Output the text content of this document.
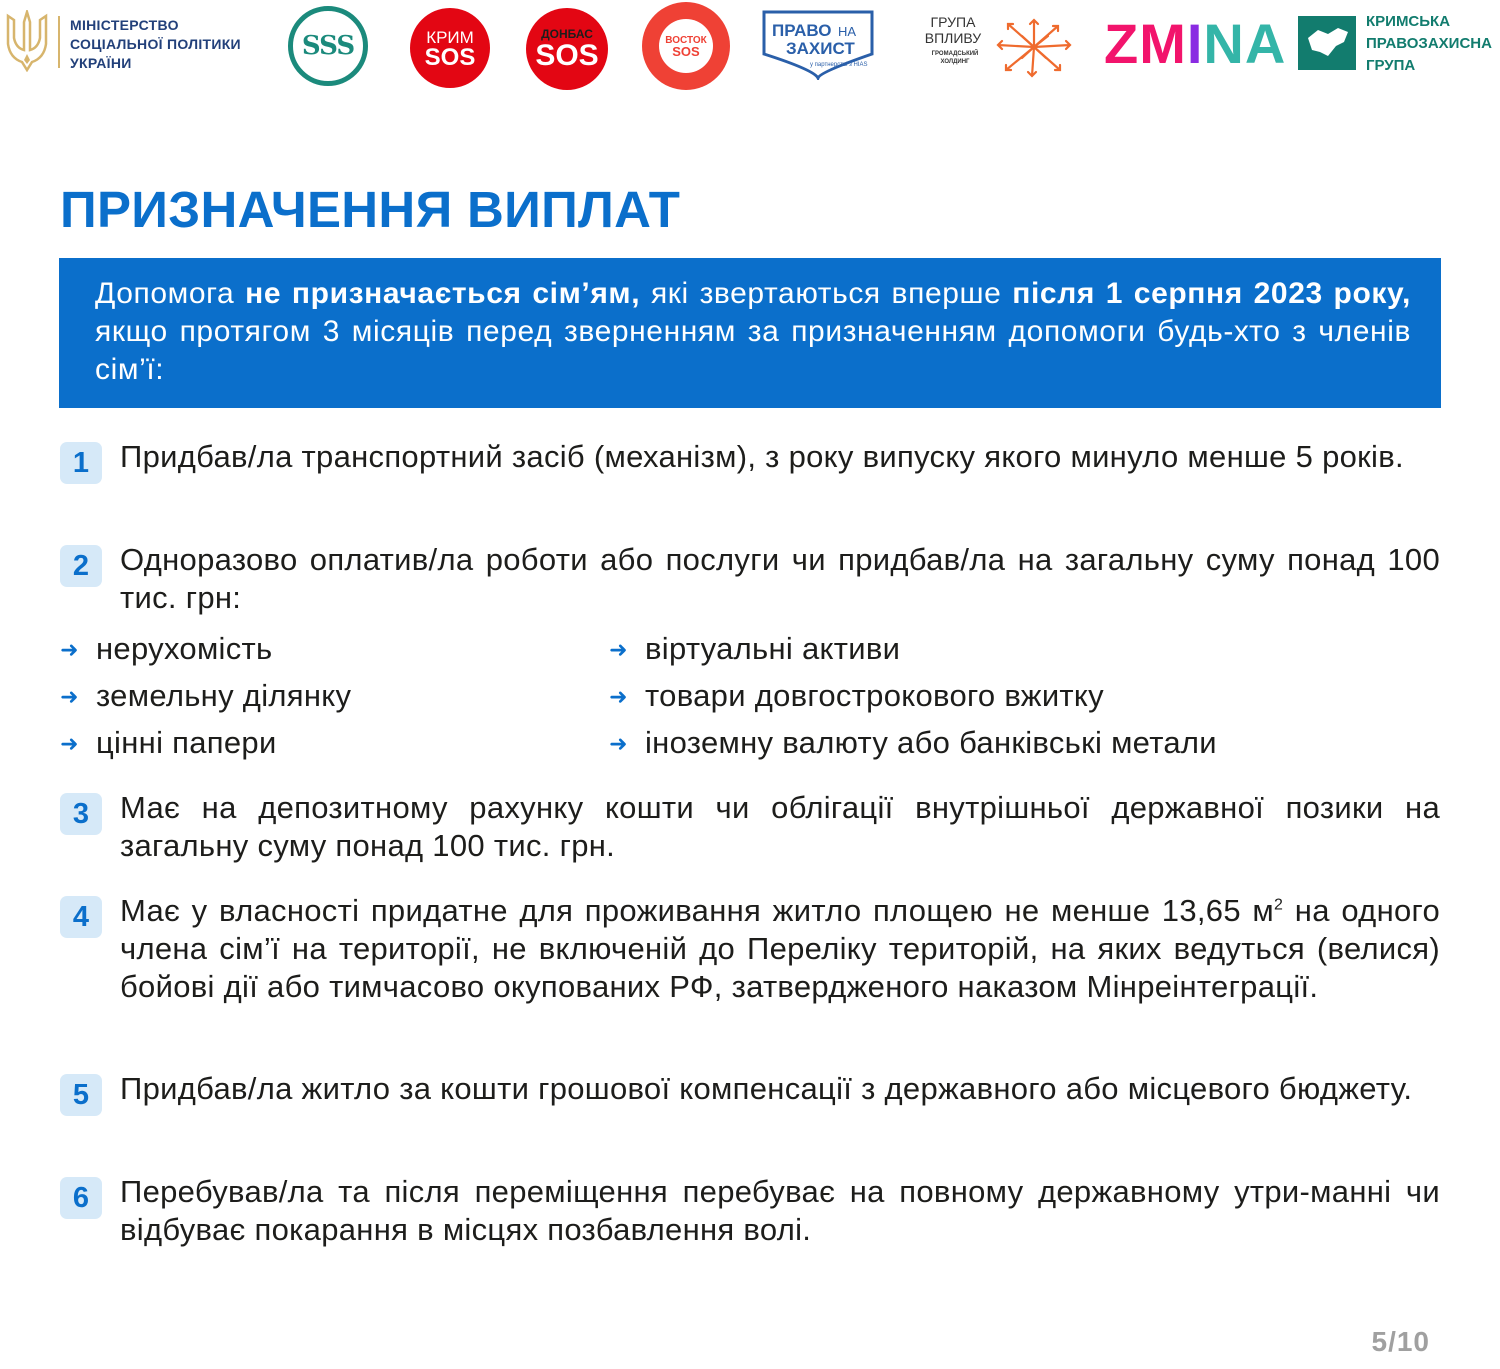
МІНІСТЕРСТВО
СОЦІАЛЬНОЇ ПОЛІТИКИ
УКРАЇНИ
SSS	КРИМ
SOS
ДОНБАС
SOS	ВОСТОК
SOS
ПРАВО НА
ЗАХИСТ
у партнерстві з HIAS
ГРУПА
ВПЛИВУ
ГРОМАДСЬКИЙ ХОЛДИНГ ZMINA	КРИМСЬКА
ПРАВОЗАХИСНА
ГРУПА
ПРИЗНАЧЕННЯ ВИПЛАТ

Допомога не призначається сім’ям, які звертаються вперше після 1 серпня 2023 року, якщо протягом 3 місяців перед зверненням за призначенням допомоги будь-хто з членів сім’ї:

1 Придбав/ла транспортний засіб (механізм), з року випуску якого минуло менше 5 років.

2 Одноразово оплатив/ла роботи або послуги чи придбав/ла на загальну суму понад 100 тис. грн:

➜ нерухомість
➜ земельну ділянку
➜ цінні папери
➜ віртуальні активи
➜ товари довгострокового вжитку
➜ іноземну валюту або банківські метали
3 Має на депозитному рахунку кошти чи облігації внутрішньої державної позики на загальну суму понад 100 тис. грн.

4 Має у власності придатне для проживання житло площею не менше 13,65 $м^2$ на одного члена сім’ї на території, не включеній до Переліку територій, на яких ведуться (велися) бойові дії або тимчасово окупованих РФ, затвердженого наказом Мінреінтеграції.

5 Придбав/ла житло за кошти грошової компенсації з державного або місцевого бюджету.

6 Перебував/ла та після переміщення перебуває на повному державному утри-манні чи відбуває покарання в місцях позбавлення волі.

5/10
